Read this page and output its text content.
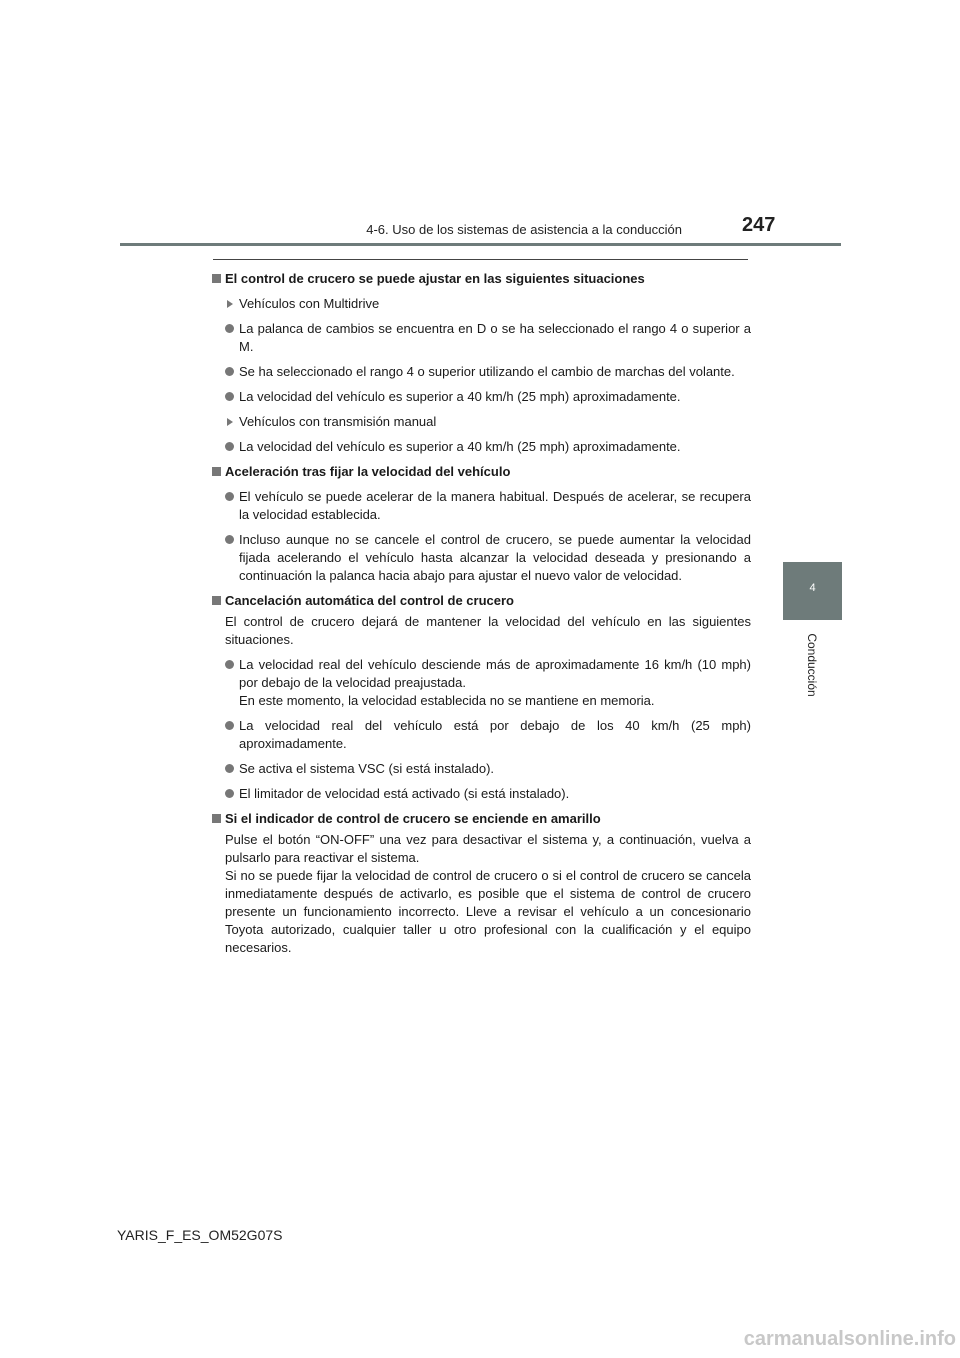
4-6. Uso de los sistemas de asistencia a la conducción	247
4
Conducción
El control de crucero se puede ajustar en las siguientes situaciones
Vehículos con Multidrive
La palanca de cambios se encuentra en D o se ha seleccionado el rango 4 o superior a M.
Se ha seleccionado el rango 4 o superior utilizando el cambio de marchas del volante.
La velocidad del vehículo es superior a 40 km/h (25 mph) aproximadamente.
Vehículos con transmisión manual
La velocidad del vehículo es superior a 40 km/h (25 mph) aproximadamente.
Aceleración tras fijar la velocidad del vehículo
El vehículo se puede acelerar de la manera habitual. Después de acelerar, se recupera la velocidad establecida.
Incluso aunque no se cancele el control de crucero, se puede aumentar la velocidad fijada acelerando el vehículo hasta alcanzar la velocidad deseada y presionando a continuación la palanca hacia abajo para ajustar el nuevo valor de velocidad.
Cancelación automática del control de crucero
El control de crucero dejará de mantener la velocidad del vehículo en las siguientes situaciones.
La velocidad real del vehículo desciende más de aproximadamente 16 km/h (10 mph) por debajo de la velocidad preajustada.
En este momento, la velocidad establecida no se mantiene en memoria.
La velocidad real del vehículo está por debajo de los 40 km/h (25 mph) aproximadamente.
Se activa el sistema VSC (si está instalado).
El limitador de velocidad está activado (si está instalado).
Si el indicador de control de crucero se enciende en amarillo
Pulse el botón “ON-OFF” una vez para desactivar el sistema y, a continuación, vuelva a pulsarlo para reactivar el sistema.
Si no se puede fijar la velocidad de control de crucero o si el control de crucero se cancela inmediatamente después de activarlo, es posible que el sistema de control de crucero presente un funcionamiento incorrecto. Lleve a revisar el vehículo a un concesionario Toyota autorizado, cualquier taller u otro profesional con la cualificación y el equipo necesarios.
YARIS_F_ES_OM52G07S
carmanualsonline.info
